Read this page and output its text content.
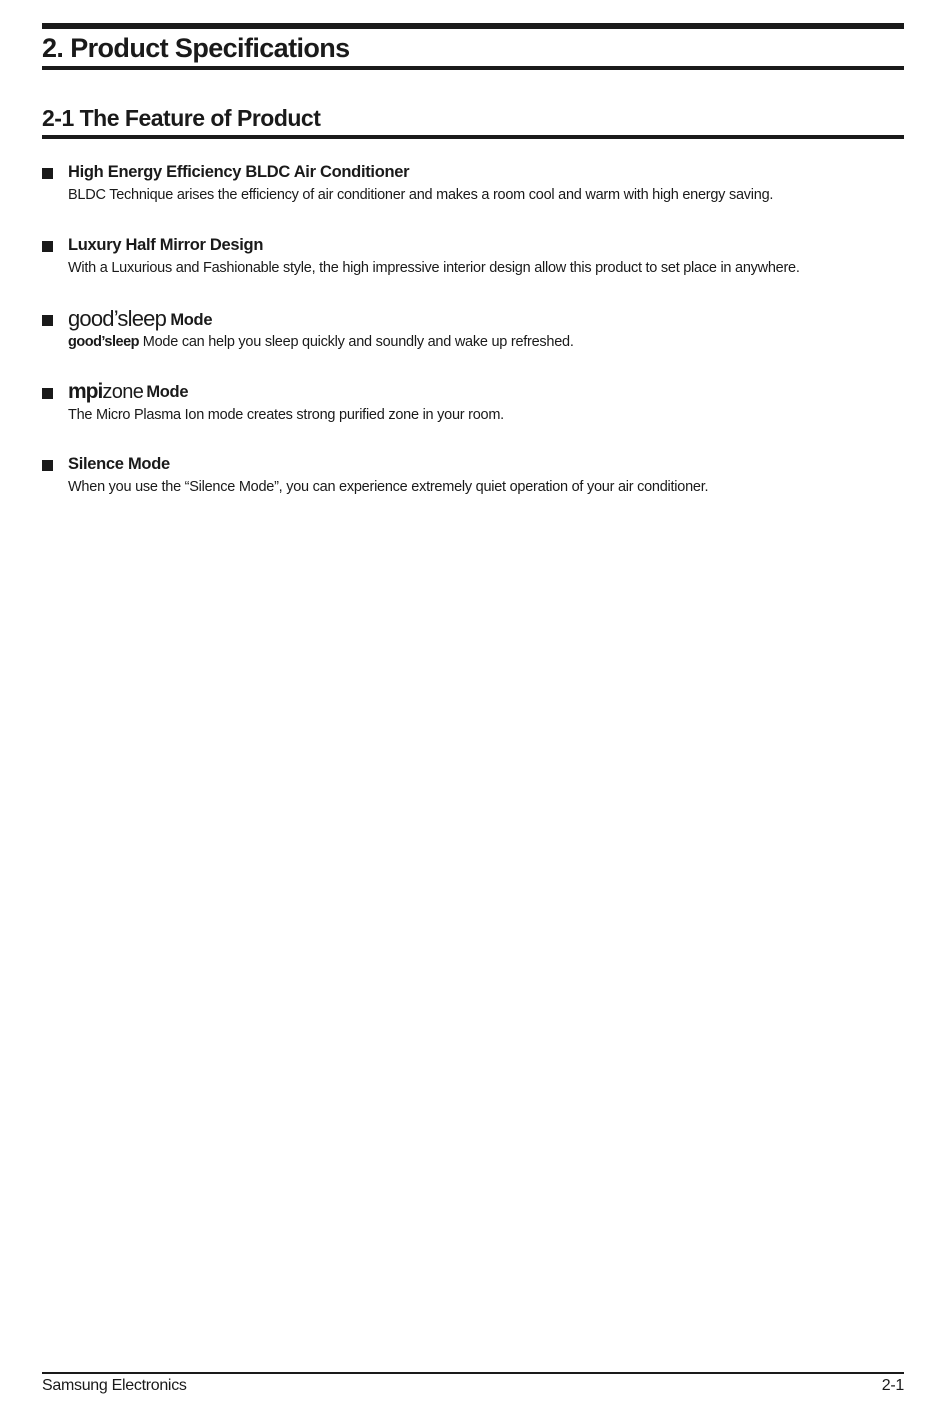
2. Product Specifications
2-1 The Feature of Product
High Energy Efficiency BLDC Air Conditioner
BLDC Technique arises the efficiency of air conditioner and makes a room cool and warm with high energy saving.
Luxury Half Mirror Design
With a Luxurious and Fashionable style, the high impressive interior design allow this product to set place in anywhere.
good’sleep Mode
good’sleep Mode can help you sleep quickly and soundly and wake up refreshed.
mpizone Mode
The Micro Plasma Ion mode creates strong purified zone in your room.
Silence Mode
When you use the “Silence Mode”, you can experience extremely quiet operation of your air conditioner.
Samsung Electronics	2-1
